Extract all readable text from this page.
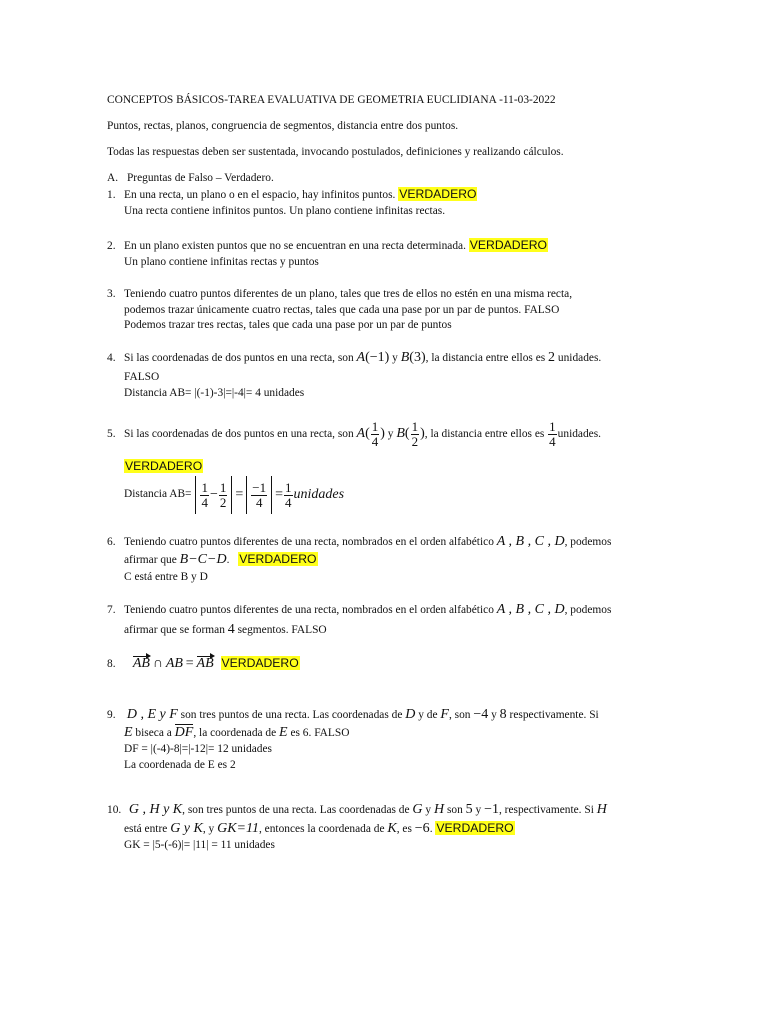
CONCEPTOS BÁSICOS-TAREA EVALUATIVA DE GEOMETRIA EUCLIDIANA -11-03-2022
Puntos, rectas, planos, congruencia de segmentos, distancia entre dos puntos.
Todas las respuestas deben ser sustentada, invocando postulados, definiciones y realizando cálculos.
A. Preguntas de Falso – Verdadero.
1. En una recta, un plano o en el espacio, hay infinitos puntos. VERDADERO
Una recta contiene infinitos puntos. Un plano contiene infinitas rectas.
2. En un plano existen puntos que no se encuentran en una recta determinada. VERDADERO
Un plano contiene infinitas rectas y puntos
3. Teniendo cuatro puntos diferentes de un plano, tales que tres de ellos no estén en una misma recta,
podemos trazar únicamente cuatro rectas, tales que cada una pase por un par de puntos. FALSO
Podemos trazar tres rectas, tales que cada una pase por un par de puntos
4. Si las coordenadas de dos puntos en una recta, son A(−1) y B(3), la distancia entre ellos es 2 unidades.
FALSO
Distancia AB= |(-1)-3|=|-4|= 4 unidades
5. Si las coordenadas de dos puntos en una recta, son $A( \frac{1}{4}$ ) y $B( \frac{1}{2}$ ), la distancia entre ellos es $\frac{1}{4}$ unidades.
VERDADERO
Distancia $AB= \frac{1}{4} - \frac{1}{2} = \frac{-1}{4} = \frac{1}{4}$ unidades
6. Teniendo cuatro puntos diferentes de una recta, nombrados en el orden alfabético A , B , C , D, podemos
afirmar que B−C−D. VERDADERO
C está entre B y D
7. Teniendo cuatro puntos diferentes de una recta, nombrados en el orden alfabético A , B , C , D, podemos
afirmar que se forman 4 segmentos. FALSO
8. AB ∩ AB = AB VERDADERO
9. D , E y F son tres puntos de una recta. Las coordenadas de D y de F, son −4 y 8 respectivamente. Si
E biseca a DF, la coordenada de E es 6. FALSO
DF = |(-4)-8|=|-12|= 12 unidades
La coordenada de E es 2
10. G , H y K, son tres puntos de una recta. Las coordenadas de G y H son 5 y −1, respectivamente. Si H
está entre G y K, y GK=11, entonces la coordenada de K, es −6. VERDADERO
GK = |5-(-6)|= |11| = 11 unidades
